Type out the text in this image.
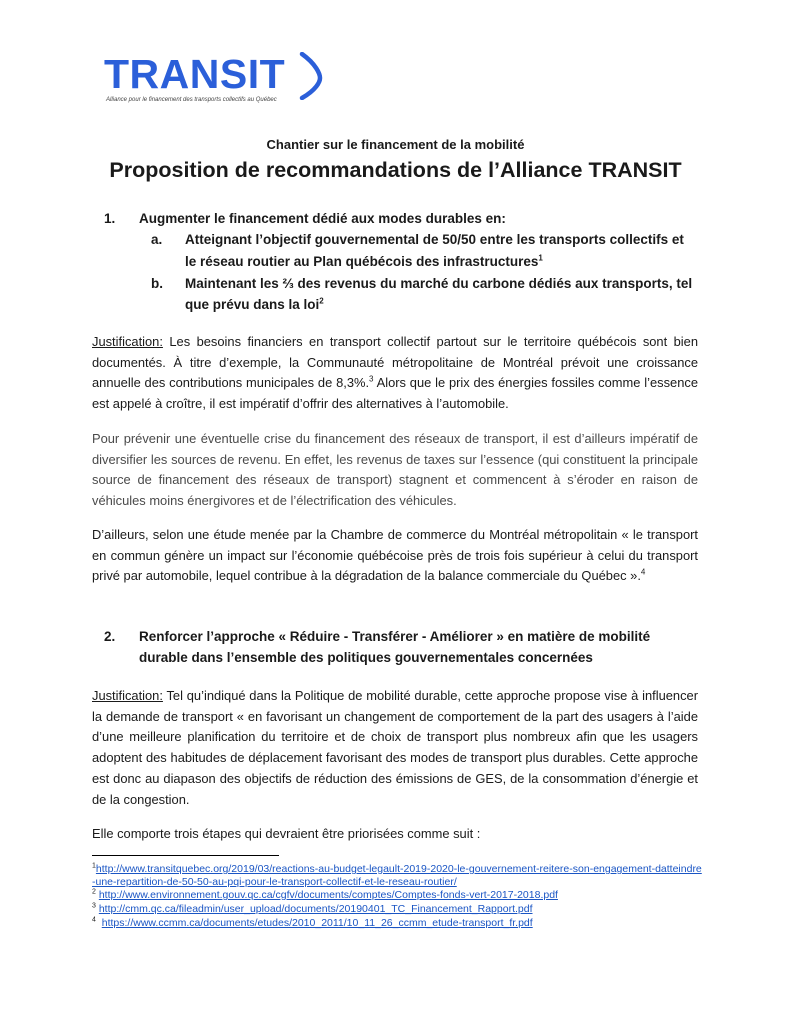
TRANSIT
Alliance pour le financement des transports collectifs au Québec
Chantier sur le financement de la mobilité
Proposition de recommandations de l’Alliance TRANSIT
1. Augmenter le financement dédié aux modes durables en:
a. Atteignant l’objectif gouvernemental de 50/50 entre les transports collectifs et
le réseau routier au Plan québécois des infrastructures$^1$
b. Maintenant les ⅔ des revenus du marché du carbone dédiés aux transports, tel
que prévu dans la loi$^2$
Justification: Les besoins financiers en transport collectif partout sur le territoire québécois sont bien documentés. À titre d’exemple, la Communauté métropolitaine de Montréal prévoit une croissance annuelle des contributions municipales de 8,3%.$^3$ Alors que le prix des énergies fossiles comme l’essence est appelé à croître, il est impératif d’offrir des alternatives à l’automobile.
Pour prévenir une éventuelle crise du financement des réseaux de transport, il est d’ailleurs impératif de diversifier les sources de revenu. En effet, les revenus de taxes sur l’essence (qui constituent la principale source de financement des réseaux de transport) stagnent et commencent à s’éroder en raison de véhicules moins énergivores et de l’électrification des véhicules.
D’ailleurs, selon une étude menée par la Chambre de commerce du Montréal métropolitain « le transport en commun génère un impact sur l’économie québécoise près de trois fois supérieur à celui du transport privé par automobile, lequel contribue à la dégradation de la balance commerciale du Québec ».$^4$
2. Renforcer l’approche « Réduire - Transférer - Améliorer » en matière de mobilité
durable dans l’ensemble des politiques gouvernementales concernées
Justification: Tel qu’indiqué dans la Politique de mobilité durable, cette approche propose vise à influencer la demande de transport « en favorisant un changement de comportement de la part des usagers à l’aide d’une meilleure planification du territoire et de choix de transport plus nombreux afin que les usagers adoptent des habitudes de déplacement favorisant des modes de transport plus durables. Cette approche est donc au diapason des objectifs de réduction des émissions de GES, de la consommation d’énergie et de la congestion.
Elle comporte trois étapes qui devraient être priorisées comme suit :
$^1$http://www.transitquebec.org/2019/03/reactions-au-budget-legault-2019-2020-le-gouvernement-reitere-son-engagement-datteindre-une-repartition-de-50-50-au-pqi-pour-le-transport-collectif-et-le-reseau-routier/
$^2$ http://www.environnement.gouv.qc.ca/cgfv/documents/comptes/Comptes-fonds-vert-2017-2018.pdf
$^3$ http://cmm.qc.ca/fileadmin/user_upload/documents/20190401_TC_Financement_Rapport.pdf
$^4$ https://www.ccmm.ca/documents/etudes/2010_2011/10_11_26_ccmm_etude-transport_fr.pdf
